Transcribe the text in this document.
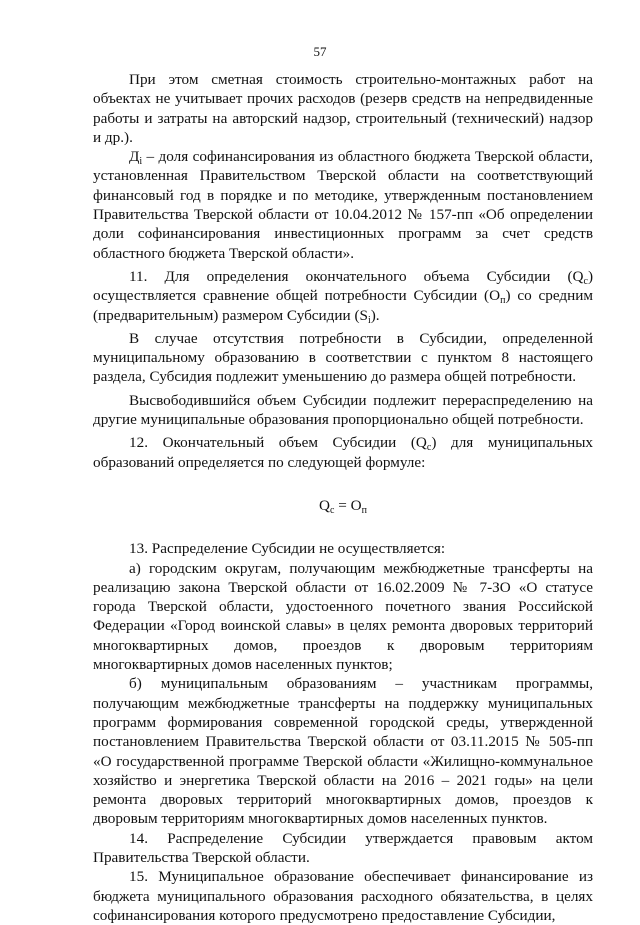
57

При этом сметная стоимость строительно-монтажных работ на объектах не учитывает прочих расходов (резерв средств на непредвиденные работы и затраты на авторский надзор, строительный (технический) надзор и др.).

$Д_i$ – доля софинансирования из областного бюджета Тверской области, установленная Правительством Тверской области на соответствующий финансовый год в порядке и по методике, утвержденным постановлением Правительства Тверской области от 10.04.2012 № 157-пп «Об определении доли софинансирования инвестиционных программ за счет средств областного бюджета Тверской области».

11. Для определения окончательного объема Субсидии $(Q_c)$ осуществляется сравнение общей потребности Субсидии $(О_п)$ со средним (предварительным) размером Субсидии $(S_i)$.

В случае отсутствия потребности в Субсидии, определенной муниципальному образованию в соответствии с пунктом 8 настоящего раздела, Субсидия подлежит уменьшению до размера общей потребности.

Высвободившийся объем Субсидии подлежит перераспределению на другие муниципальные образования пропорционально общей потребности.

12. Окончательный объем Субсидии $(Q_c)$ для муниципальных образований определяется по следующей формуле:

$Q_c = О_п$

13. Распределение Субсидии не осуществляется:

а) городским округам, получающим межбюджетные трансферты на реализацию закона Тверской области от 16.02.2009 № 7-ЗО «О статусе города Тверской области, удостоенного почетного звания Российской Федерации «Город воинской славы» в целях ремонта дворовых территорий многоквартирных домов, проездов к дворовым территориям многоквартирных домов населенных пунктов;

б) муниципальным образованиям – участникам программы, получающим межбюджетные трансферты на поддержку муниципальных программ формирования современной городской среды, утвержденной постановлением Правительства Тверской области от 03.11.2015 № 505-пп «О государственной программе Тверской области «Жилищно-коммунальное хозяйство и энергетика Тверской области на 2016 – 2021 годы» на цели ремонта дворовых территорий многоквартирных домов, проездов к дворовым территориям многоквартирных домов населенных пунктов.

14. Распределение Субсидии утверждается правовым актом Правительства Тверской области.

15. Муниципальное образование обеспечивает финансирование из бюджета муниципального образования расходного обязательства, в целях софинансирования которого предусмотрено предоставление Субсидии,
